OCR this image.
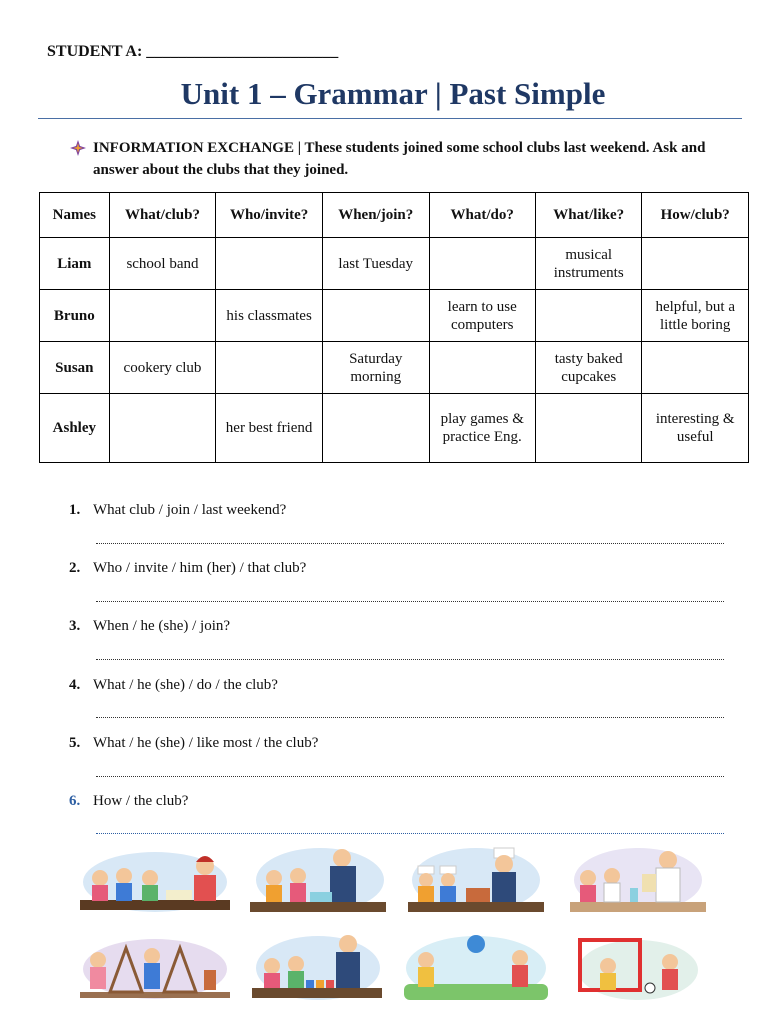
STUDENT A: ________________________
Unit 1 – Grammar | Past Simple
INFORMATION EXCHANGE | These students joined some school clubs last weekend. Ask and answer about the clubs that they joined.
Names	What/club?	Who/invite?	When/join?	What/do?	What/like?	How/club?
Liam	school band		last Tuesday		musical instruments	
Bruno		his classmates		learn to use computers		helpful, but a little boring
Susan	cookery club		Saturday morning		tasty baked cupcakes	
Ashley		her best friend		play games & practice Eng.		interesting & useful
1. What club / join / last weekend?
2. Who / invite / him (her) / that club?
3. When / he (she) / join?
4. What / he (she) / do / the club?
5. What / he (she) / like most / the club?
6. How / the club?
